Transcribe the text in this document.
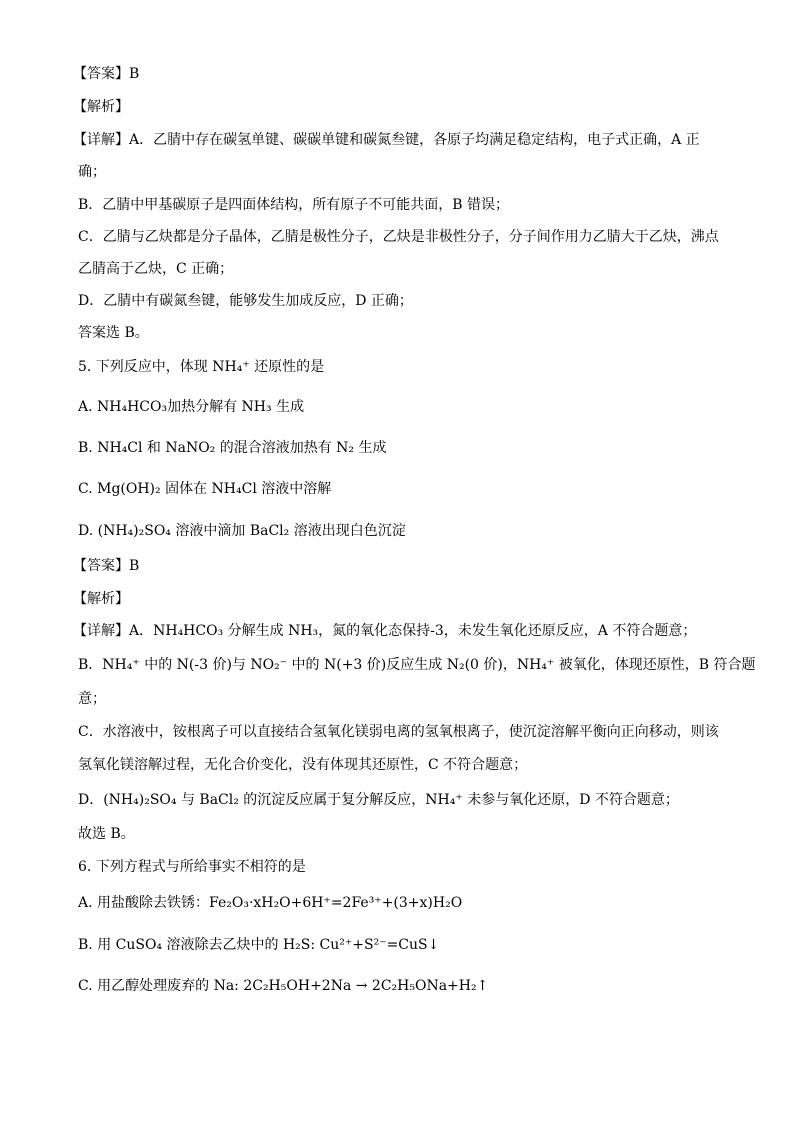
【答案】B
【解析】
【详解】A．乙腈中存在碳氢单键、碳碳单键和碳氮叁键，各原子均满足稳定结构，电子式正确，A 正
确；
B．乙腈中甲基碳原子是四面体结构，所有原子不可能共面，B 错误；
C．乙腈与乙炔都是分子晶体，乙腈是极性分子，乙炔是非极性分子，分子间作用力乙腈大于乙炔，沸点
乙腈高于乙炔，C 正确；
D．乙腈中有碳氮叁键，能够发生加成反应，D 正确；
答案选 B。
5. 下列反应中，体现 NH₄⁺ 还原性的是
A. NH₄HCO₃加热分解有 NH₃ 生成
B. NH₄Cl 和 NaNO₂ 的混合溶液加热有 N₂ 生成
C. Mg(OH)₂ 固体在 NH₄Cl 溶液中溶解
D. (NH₄)₂SO₄ 溶液中滴加 BaCl₂ 溶液出现白色沉淀
【答案】B
【解析】
【详解】A．NH₄HCO₃ 分解生成 NH₃，氮的氧化态保持-3，未发生氧化还原反应，A 不符合题意；
B．NH₄⁺ 中的 N(-3 价)与 NO₂⁻ 中的 N(+3 价)反应生成 N₂(0 价)，NH₄⁺ 被氧化，体现还原性，B 符合题
意；
C．水溶液中，铵根离子可以直接结合氢氧化镁弱电离的氢氧根离子，使沉淀溶解平衡向正向移动，则该
氢氧化镁溶解过程，无化合价变化，没有体现其还原性，C 不符合题意；
D．(NH₄)₂SO₄ 与 BaCl₂ 的沉淀反应属于复分解反应，NH₄⁺ 未参与氧化还原，D 不符合题意；
故选 B。
6. 下列方程式与所给事实不相符的是
A. 用盐酸除去铁锈：Fe₂O₃·xH₂O+6H⁺=2Fe³⁺+(3+x)H₂O
B. 用 CuSO₄ 溶液除去乙炔中的 H₂S: Cu²⁺+S²⁻=CuS↓
C. 用乙醇处理废弃的 Na: 2C₂H₅OH+2Na → 2C₂H₅ONa+H₂↑
